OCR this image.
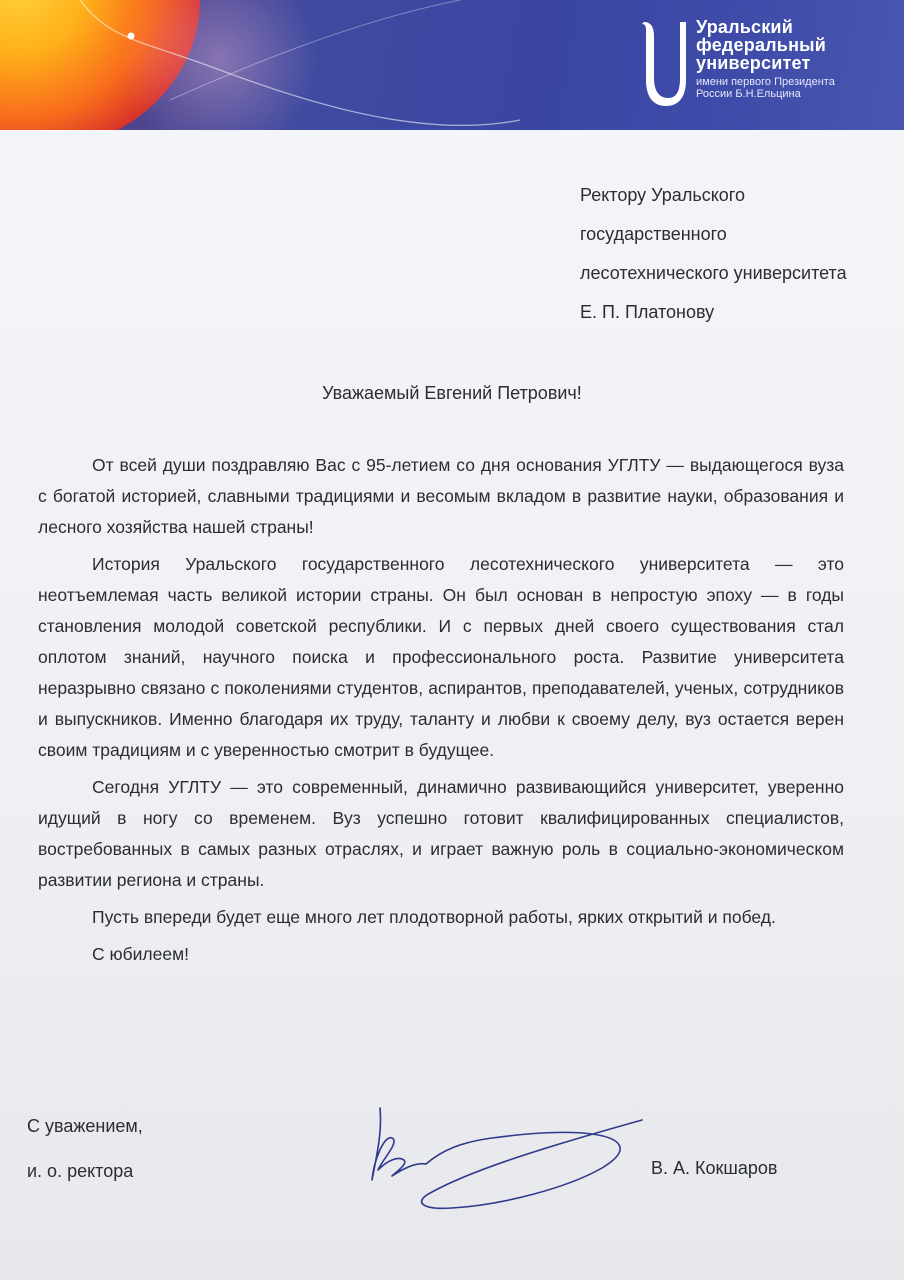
Уральский
федеральный
университет
имени первого Президента
России Б.Н.Ельцина
Ректору Уральского
государственного
лесотехнического университета
Е. П. Платонову
Уважаемый Евгений Петрович!

От всей души поздравляю Вас с 95-летием со дня основания УГЛТУ — выдающегося вуза с богатой историей, славными традициями и весомым вкладом в развитие науки, образования и лесного хозяйства нашей страны!

История Уральского государственного лесотехнического университета — это неотъемлемая часть великой истории страны. Он был основан в непростую эпоху — в годы становления молодой советской республики. И с первых дней своего существования стал оплотом знаний, научного поиска и профессионального роста. Развитие университета неразрывно связано с поколениями студентов, аспирантов, преподавателей, ученых, сотрудников и выпускников. Именно благодаря их труду, таланту и любви к своему делу, вуз остается верен своим традициям и с уверенностью смотрит в будущее.

Сегодня УГЛТУ — это современный, динамично развивающийся университет, уверенно идущий в ногу со временем. Вуз успешно готовит квалифицированных специалистов, востребованных в самых разных отраслях, и играет важную роль в социально-экономическом развитии региона и страны.

Пусть впереди будет еще много лет плодотворной работы, ярких открытий и побед.

С юбилеем!

С уважением,
и. о. ректора	В. А. Кокшаров
